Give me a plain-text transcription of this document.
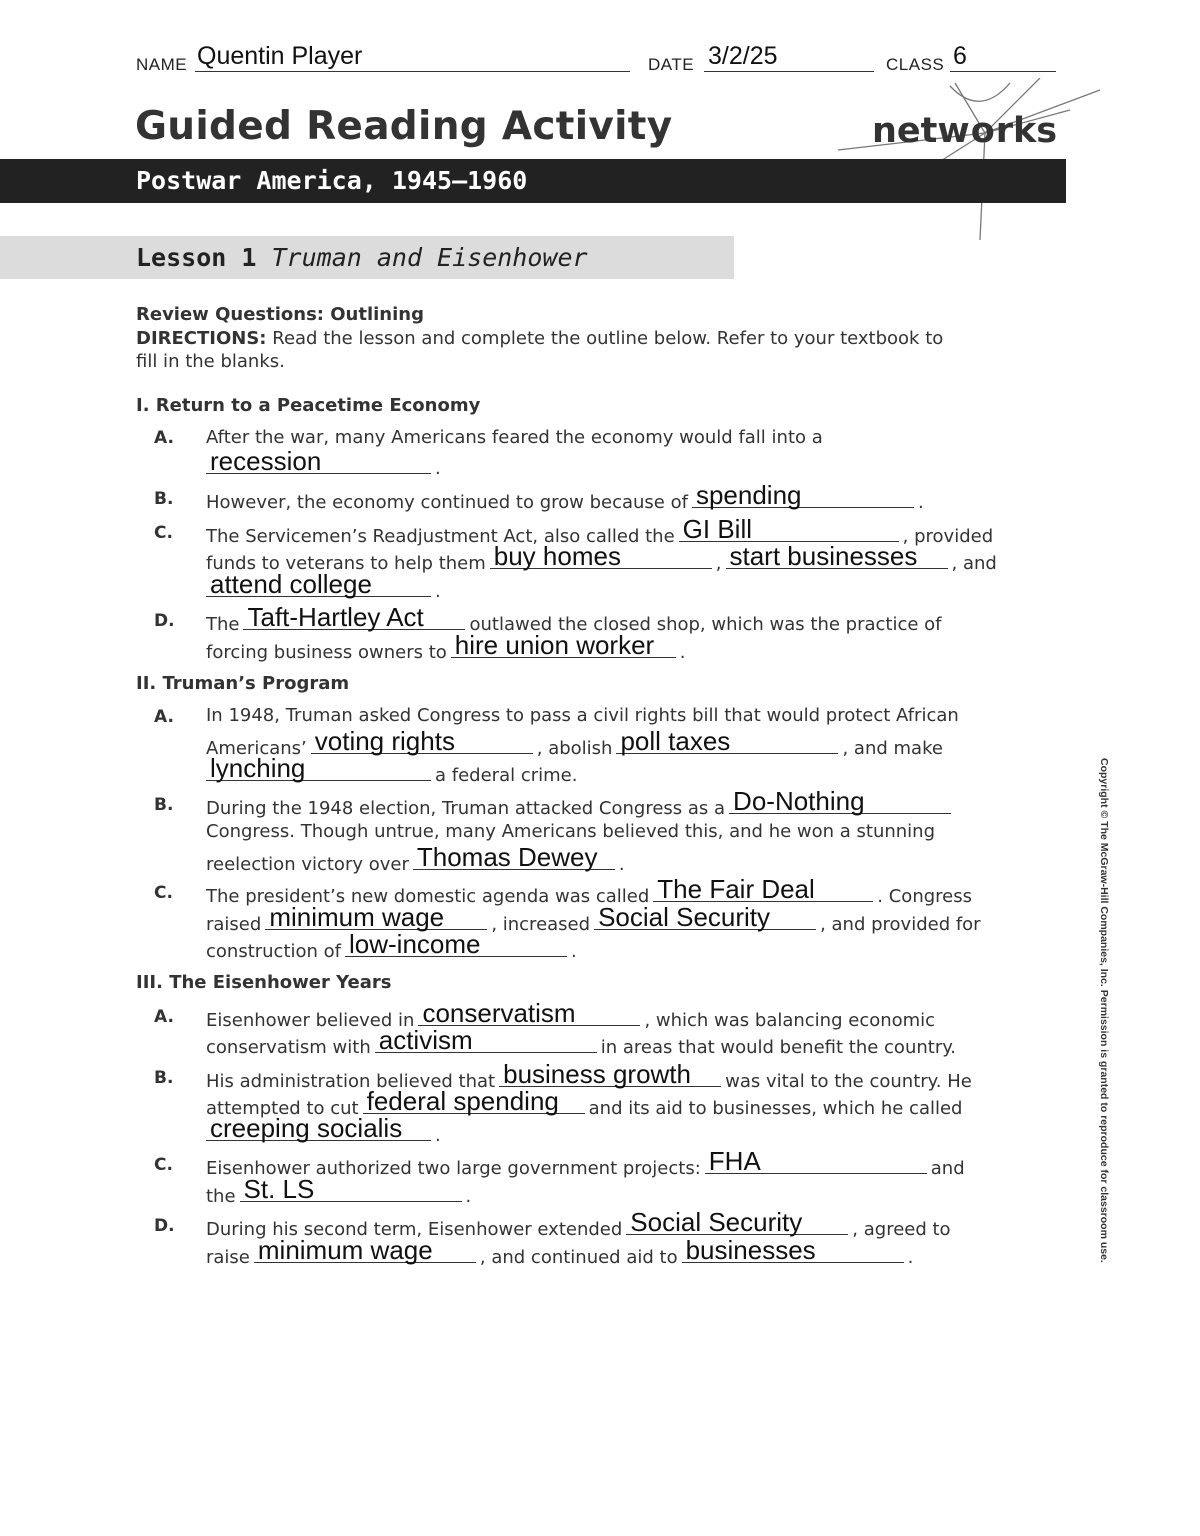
NAME Quentin Player	DATE 3/2/25	CLASS 6
Guided Reading Activity	networks
Postwar America, 1945–1960
Lesson 1 Truman and Eisenhower
Review Questions: Outlining
DIRECTIONS: Read the lesson and complete the outline below. Refer to your textbook to
fill in the blanks.
I. Return to a Peacetime Economy
A. After the war, many Americans feared the economy would fall into a
recession	.
B. However, the economy continued to grow because of spending	.
C. The Servicemen’s Readjustment Act, also called the GI Bill	, provided
funds to veterans to help them buy homes	, start businesses , and
attend college	.
D. The Taft-Hartley Act	outlawed the closed shop, which was the practice of
forcing business owners to hire union worker .
II. Truman’s Program
A. In 1948, Truman asked Congress to pass a civil rights bill that would protect African
Americans’ voting rights	, abolish poll taxes	, and make
lynching	a federal crime.
B. During the 1948 election, Truman attacked Congress as a Do-Nothing
Congress. Though untrue, many Americans believed this, and he won a stunning
reelection victory over Thomas Dewey .
C. The president’s new domestic agenda was called The Fair Deal	. Congress
raised minimum wage	, increased Social Security	, and provided for
construction of low-income	.
III. The Eisenhower Years
A. Eisenhower believed in conservatism	, which was balancing economic
conservatism with activism	in areas that would benefit the country.
B. His administration believed that business growth was vital to the country. He
attempted to cut federal spending and its aid to businesses, which he called
creeping socialis .
C. Eisenhower authorized two large government projects: FHA	and
the St. LS	.
D. During his second term, Eisenhower extended Social Security	, agreed to
raise minimum wage	, and continued aid to businesses	.	Copyright © The McGraw-Hill Companies, Inc. Permission is granted to reproduce for classroom use.
